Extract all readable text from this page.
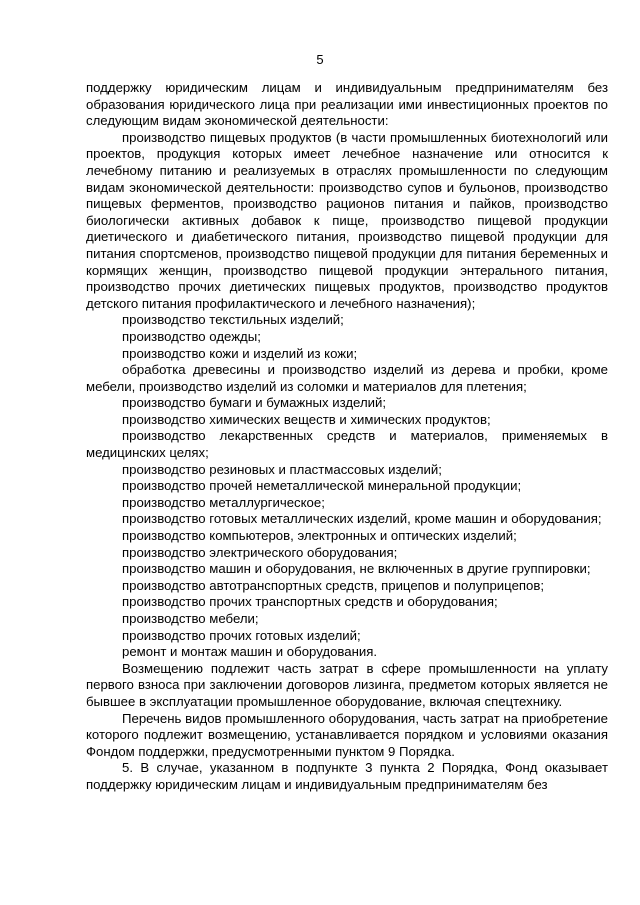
5

поддержку юридическим лицам и индивидуальным предпринимателям без образования юридического лица при реализации ими инвестиционных проектов по следующим видам экономической деятельности:

производство пищевых продуктов (в части промышленных биотехнологий или проектов, продукция которых имеет лечебное назначение или относится к лечебному питанию и реализуемых в отраслях промышленности по следующим видам экономической деятельности: производство супов и бульонов, производство пищевых ферментов, производство рационов питания и пайков, производство биологически активных добавок к пище, производство пищевой продукции диетического и диабетического питания, производство пищевой продукции для питания спортсменов, производство пищевой продукции для питания беременных и кормящих женщин, производство пищевой продукции энтерального питания, производство прочих диетических пищевых продуктов, производство продуктов детского питания профилактического и лечебного назначения);

производство текстильных изделий;

производство одежды;

производство кожи и изделий из кожи;

обработка древесины и производство изделий из дерева и пробки, кроме мебели, производство изделий из соломки и материалов для плетения;

производство бумаги и бумажных изделий;

производство химических веществ и химических продуктов;

производство лекарственных средств и материалов, применяемых в медицинских целях;

производство резиновых и пластмассовых изделий;

производство прочей неметаллической минеральной продукции;

производство металлургическое;

производство готовых металлических изделий, кроме машин и оборудования;

производство компьютеров, электронных и оптических изделий;

производство электрического оборудования;

производство машин и оборудования, не включенных в другие группировки;

производство автотранспортных средств, прицепов и полуприцепов;

производство прочих транспортных средств и оборудования;

производство мебели;

производство прочих готовых изделий;

ремонт и монтаж машин и оборудования.

Возмещению подлежит часть затрат в сфере промышленности на уплату первого взноса при заключении договоров лизинга, предметом которых является не бывшее в эксплуатации промышленное оборудование, включая спецтехнику.

Перечень видов промышленного оборудования, часть затрат на приобретение которого подлежит возмещению, устанавливается порядком и условиями оказания Фондом поддержки, предусмотренными пунктом 9 Порядка.

5. В случае, указанном в подпункте 3 пункта 2 Порядка, Фонд оказывает поддержку юридическим лицам и индивидуальным предпринимателям без
